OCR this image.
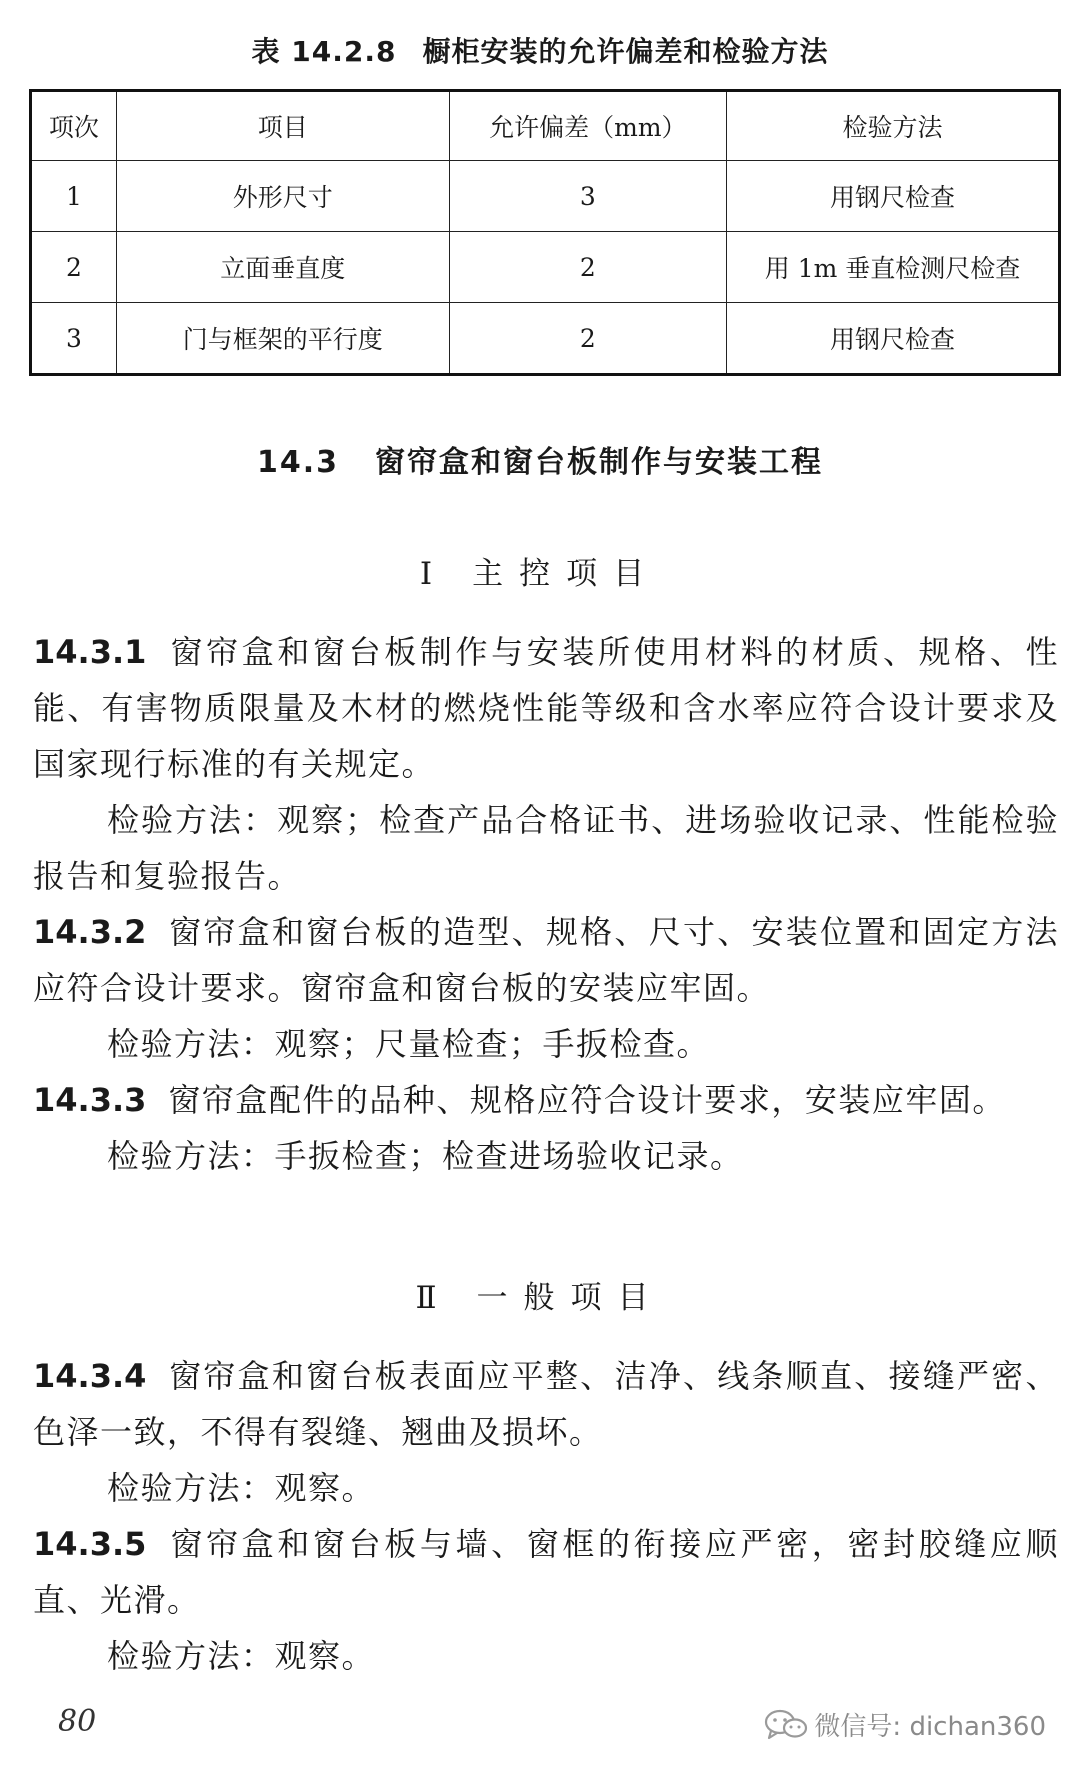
表 14.2.8 橱柜安装的允许偏差和检验方法
项次	项目	允许偏差（mm）	检验方法
1	外形尺寸	3	用钢尺检查
2	立面垂直度	2	用 1m 垂直检测尺检查
3	门与框架的平行度	2	用钢尺检查
14.3 窗帘盒和窗台板制作与安装工程
Ⅰ 主控项目

14.3.1 窗帘盒和窗台板制作与安装所使用材料的材质、规格、性能、有害物质限量及木材的燃烧性能等级和含水率应符合设计要求及国家现行标准的有关规定。

检验方法：观察；检查产品合格证书、进场验收记录、性能检验报告和复验报告。

14.3.2 窗帘盒和窗台板的造型、规格、尺寸、安装位置和固定方法应符合设计要求。窗帘盒和窗台板的安装应牢固。

检验方法：观察；尺量检查；手扳检查。

14.3.3 窗帘盒配件的品种、规格应符合设计要求，安装应牢固。

检验方法：手扳检查；检查进场验收记录。

Ⅱ 一般项目

14.3.4 窗帘盒和窗台板表面应平整、洁净、线条顺直、接缝严密、色泽一致，不得有裂缝、翘曲及损坏。

检验方法：观察。

14.3.5 窗帘盒和窗台板与墙、窗框的衔接应严密，密封胶缝应顺直、光滑。

检验方法：观察。

80	微信号: dichan360
